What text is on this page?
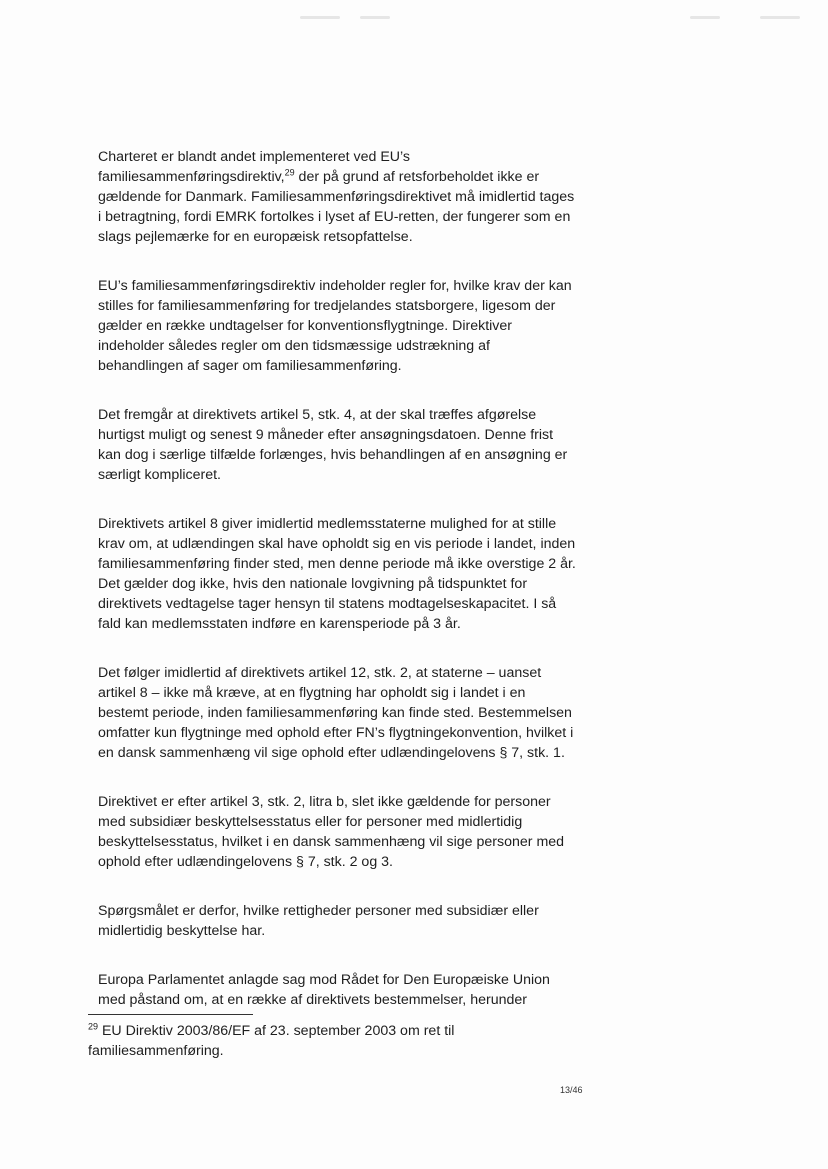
Charteret er blandt andet implementeret ved EU’s familiesammenføringsdirektiv,$^{29}$ der på grund af retsforbeholdet ikke er gældende for Danmark. Familiesammenføringsdirektivet må imidlertid tages i betragtning, fordi EMRK fortolkes i lyset af EU-retten, der fungerer som en slags pejlemærke for en europæisk retsopfattelse.

EU’s familiesammenføringsdirektiv indeholder regler for, hvilke krav der kan stilles for familiesammenføring for tredjelandes statsborgere, ligesom der gælder en række undtagelser for konventionsflygtninge. Direktiver indeholder således regler om den tidsmæssige udstrækning af behandlingen af sager om familiesammenføring.

Det fremgår at direktivets artikel 5, stk. 4, at der skal træffes afgørelse hurtigst muligt og senest 9 måneder efter ansøgningsdatoen. Denne frist kan dog i særlige tilfælde forlænges, hvis behandlingen af en ansøgning er særligt kompliceret.

Direktivets artikel 8 giver imidlertid medlemsstaterne mulighed for at stille krav om, at udlændingen skal have opholdt sig en vis periode i landet, inden familiesammenføring finder sted, men denne periode må ikke overstige 2 år. Det gælder dog ikke, hvis den nationale lovgivning på tidspunktet for direktivets vedtagelse tager hensyn til statens modtagelseskapacitet. I så fald kan medlemsstaten indføre en karensperiode på 3 år.

Det følger imidlertid af direktivets artikel 12, stk. 2, at staterne – uanset artikel 8 – ikke må kræve, at en flygtning har opholdt sig i landet i en bestemt periode, inden familiesammenføring kan finde sted. Bestemmelsen omfatter kun flygtninge med ophold efter FN’s flygtningekonvention, hvilket i en dansk sammenhæng vil sige ophold efter udlændingelovens § 7, stk. 1.

Direktivet er efter artikel 3, stk. 2, litra b, slet ikke gældende for personer med subsidiær beskyttelsesstatus eller for personer med midlertidig beskyttelsesstatus, hvilket i en dansk sammenhæng vil sige personer med ophold efter udlændingelovens § 7, stk. 2 og 3.

Spørgsmålet er derfor, hvilke rettigheder personer med subsidiær eller midlertidig beskyttelse har.

Europa Parlamentet anlagde sag mod Rådet for Den Europæiske Union med påstand om, at en række af direktivets bestemmelser, herunder

$^{29}$ EU Direktiv 2003/86/EF af 23. september 2003 om ret til familiesammenføring.
13/46
